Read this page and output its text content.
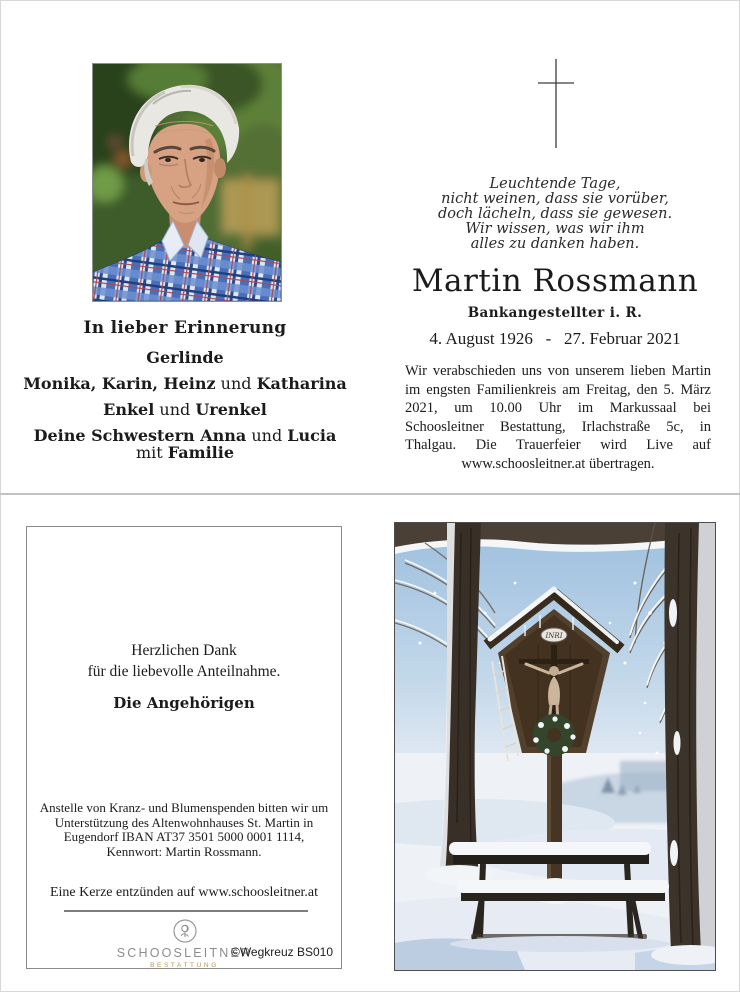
In lieber Erinnerung
Gerlinde
Monika, Karin, Heinz und Katharina
Enkel und Urenkel
Deine Schwestern Anna und Lucia
mit Familie
Leuchtende Tage,
nicht weinen, dass sie vorüber,
doch lächeln, dass sie gewesen.
Wir wissen, was wir ihm
alles zu danken haben.
Martin Rossmann
Bankangestellter i. R.
4. August 1926   -   27. Februar 2021
Wir verabschieden uns von unserem lieben Martin im engsten Familienkreis am Freitag, den 5. März 2021, um 10.00 Uhr im Markussaal bei Schoosleitner Bestattung, Irlachstraße 5c, in Thalgau. Die Trauerfeier wird Live auf www.schoosleitner.at übertragen.
Herzlichen Dank
für die liebevolle Anteilnahme.
Die Angehörigen
Anstelle von Kranz- und Blumenspenden bitten wir um Unterstützung des Altenwohnhauses St. Martin in Eugendorf IBAN AT37 3501 5000 0001 1114, Kennwort: Martin Rossmann.
Eine Kerze entzünden auf www.schoosleitner.at
SCHOOSLEITNER
BESTATTUNG
©Wegkreuz BS010
INRI
